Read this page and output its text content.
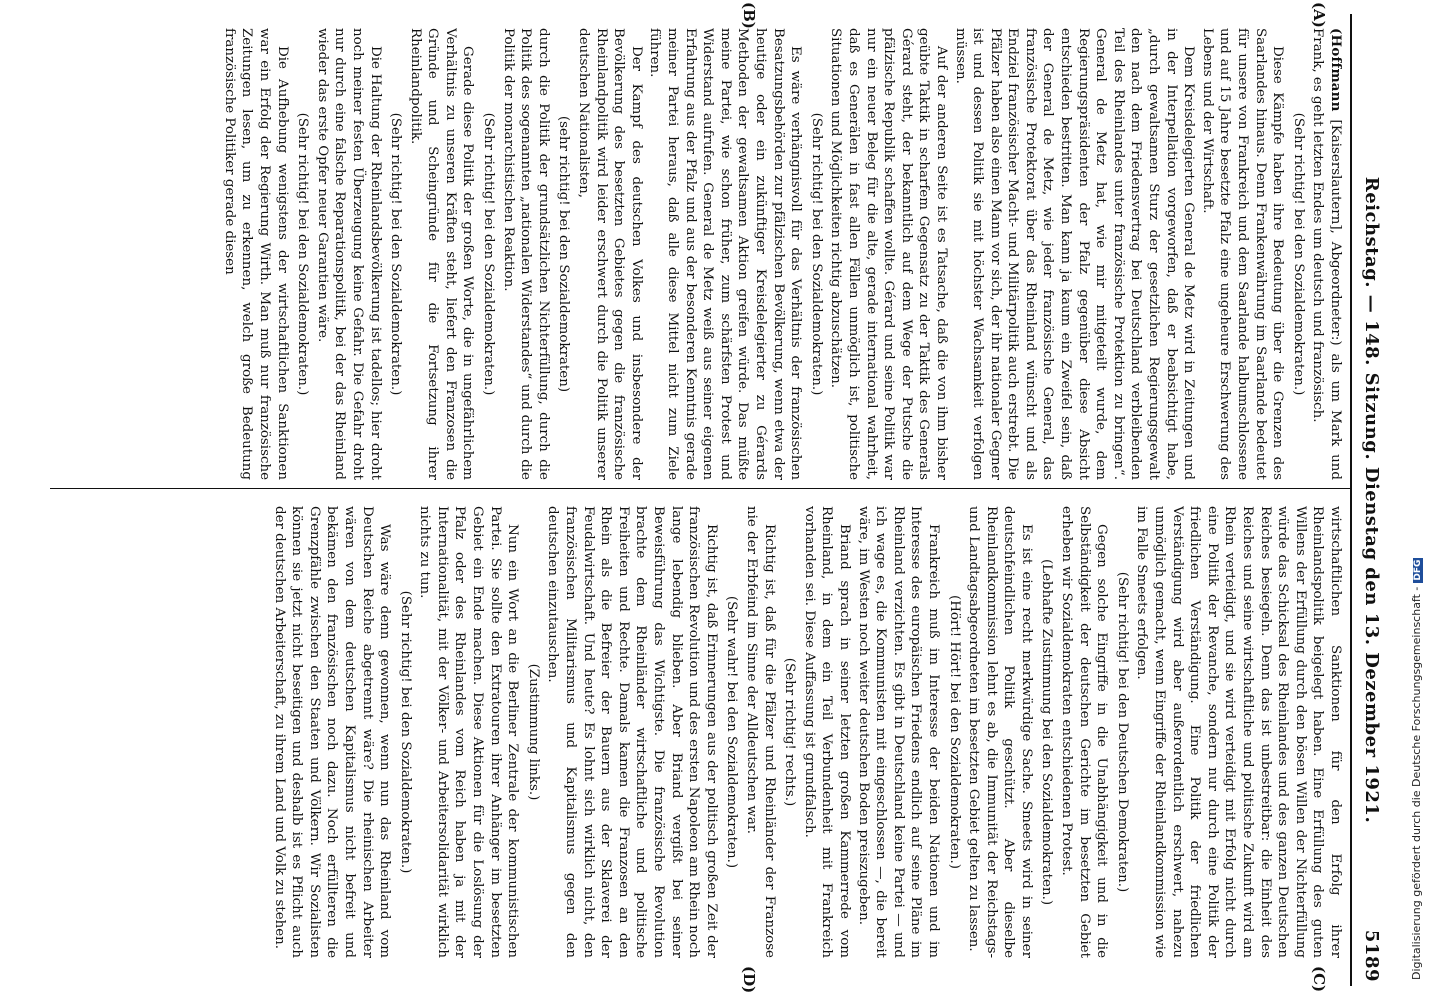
Reichstag. — 148. Sitzung. Dienstag den 13. Dezember 1921.
5189
(A)
(B)
(C)
(D)

(Hoffmann [Kaiserslautern], Abgeordneter:) als um Mark und Frank, es geht letzten Endes um deutsch und französisch.

(Sehr richtig! bei den Sozialdemokraten.)

Diese Kämpfe haben ihre Bedeutung über die Grenzen des Saarlandes hinaus. Denn Frankenwährung im Saarlande bedeutet für unsere von Frankreich und dem Saarlande halbumschlossene und auf 15 Jahre besetzte Pfalz eine ungeheure Erschwerung des Lebens und der Wirtschaft.

Dem Kreisdelegierten General de Metz wird in Zeitungen und in der Interpellation vorgeworfen, daß er beabsichtigt habe, „durch gewaltsamen Sturz der gesetzlichen Regierungsgewalt den nach dem Friedensvertrag bei Deutschland verbleibenden Teil des Rheinlandes unter französische Protektion zu bringen“. General de Metz hat, wie mir mitgeteilt wurde, dem Regierungspräsidenten der Pfalz gegenüber diese Absicht entschieden bestritten. Man kann ja kaum ein Zweifel sein, daß der General de Metz, wie jeder französische General, das französische Protektorat über das Rheinland wünscht und als Endziel französischer Macht- und Militärpolitik auch erstrebt. Die Pfälzer haben also einen Mann vor sich, der ihr nationaler Gegner ist und dessen Politik sie mit höchster Wachsamkeit verfolgen müssen.

Auf der anderen Seite ist es Tatsache, daß die von ihm bisher geübte Taktik in scharfem Gegensatz zu der Taktik des Generals Gérard steht, der bekanntlich auf dem Wege der Putsche die pfälzische Republik schaffen wollte. Gérard und seine Politik war nur ein neuer Beleg für die alte, gerade international wahrheit, daß es Generälen in fast allen Fällen unmöglich ist, politische Situationen und Möglichkeiten richtig abzuschätzen.

(Sehr richtig! bei den Sozialdemokraten.)

Es wäre verhängnisvoll für das Verhältnis der französischen Besatzungsbehörden zur pfälzischen Bevölkerung, wenn etwa der heutige oder ein zukünftiger Kreisdelegierter zu Gérards Methoden der gewaltsamen Aktion greifen würde. Das müßte meine Partei, wie schon früher, zum schärfsten Protest und Widerstand aufrufen. General de Metz weiß aus seiner eigenen Erfahrung aus der Pfalz und aus der besonderen Kenntnis gerade meiner Partei heraus, daß alle diese Mittel nicht zum Ziele führen.

Der Kampf des deutschen Volkes und insbesondere der Bevölkerung des besetzten Gebietes gegen die französische Rheinlandpolitik wird leider erschwert durch die Politik unserer deutschen Nationalisten,

(sehr richtig! bei den Sozialdemokraten)

durch die Politik der grundsätzlichen Nichterfüllung, durch die Politik des sogenannten „nationalen Widerstandes“ und durch die Politik der monarchistischen Reaktion.

(Sehr richtig! bei den Sozialdemokraten.)

Gerade diese Politik der großen Worte, die in ungefährlichem Verhältnis zu unseren Kräften steht, liefert den Franzosen die Gründe und Scheingründe für die Fortsetzung ihrer Rheinlandpolitik.

(Sehr richtig! bei den Sozialdemokraten.)

Die Haltung der Rheinlandsbevölkerung ist tadellos; hier droht noch meiner festen Überzeugung keine Gefahr. Die Gefahr droht nur durch eine falsche Reparationspolitik, bei der das Rheinland wieder das erste Opfer neuer Garantien wäre.

(Sehr richtig! bei den Sozialdemokraten.)

Die Aufhebung wenigstens der wirtschaftlichen Sanktionen war ein Erfolg der Regierung Wirth. Man muß nur französische Zeitungen lesen, um zu erkennen, welch große Bedeutung französische Politiker gerade diesen

wirtschaftlichen Sanktionen für den Erfolg ihrer Rheinlandspolitik beigelegt haben. Eine Erfüllung des guten Willens der Erfüllung durch den bösen Willen der Nichterfüllung würde das Schicksal des Rheinlandes und des ganzen Deutschen Reiches besiegeln. Denn das ist unbestreitbar: die Einheit des Reiches und seine wirtschaftliche und politische Zukunft wird am Rhein verteidigt, und sie wird verteidigt mit Erfolg nicht durch eine Politik der Revanche, sondern nur durch eine Politik der friedlichen Verständigung. Eine Politik der friedlichen Verständigung wird aber außerordentlich erschwert, nahezu unmöglich gemacht, wenn Eingriffe der Rheinlandkommission wie im Falle Smeets erfolgen.

(Sehr richtig! bei den Deutschen Demokraten.)

Gegen solche Eingriffe in die Unabhängigkeit und in die Selbständigkeit der deutschen Gerichte im besetzten Gebiet erheben wir Sozialdemokraten entschiedenen Protest.

(Lebhafte Zustimmung bei den Sozialdemokraten.)

Es ist eine recht merkwürdige Sache. Smeets wird in seiner deutschfeindlichen Politik geschützt. Aber dieselbe Rheinlandkommission lehnt es ab, die Immunität der Reichstags- und Landtagsabgeordneten im besetzten Gebiet gelten zu lassen.

(Hört! Hört! bei den Sozialdemokraten.)

Frankreich muß im Interesse der beiden Nationen und im Interesse des europäischen Friedens endlich auf seine Pläne im Rheinland verzichten. Es gibt in Deutschland keine Partei — und ich wage es, die Kommunisten mit eingeschlossen —, die bereit wäre, im Westen noch weiter deutschen Boden preiszugeben.

Briand sprach in seiner letzten großen Kammerrede vom Rheinland, in dem ein Teil Verbundenheit mit Frankreich vorhanden sei. Diese Auffassung ist grundfalsch.

(Sehr richtig! rechts.)

Richtig ist, daß für die Pfälzer und Rheinländer der Franzose nie der Erbfeind im Sinne der Alldeutschen war.

(Sehr wahr! bei den Sozialdemokraten.)

Richtig ist, daß Erinnerungen aus der politisch großen Zeit der französischen Revolution und des ersten Napoleon am Rhein noch lange lebendig blieben. Aber Briand vergißt bei seiner Beweisführung das Wichtigste. Die französische Revolution brachte dem Rheinländer wirtschaftliche und politische Freiheiten und Rechte. Damals kamen die Franzosen an den Rhein als die Befreier der Bauern aus der Sklaverei der Feudalwirtschaft. Und heute? Es lohnt sich wirklich nicht, den französischen Militarismus und Kapitalismus gegen den deutschen einzutauschen.

(Zustimmung links.)

Nun ein Wort an die Berliner Zentrale der kommunistischen Partei. Sie sollte den Extratouren ihrer Anhänger im besetzten Gebiet ein Ende machen. Diese Aktionen für die Loslösung der Pfalz oder des Rheinlandes vom Reich haben ja mit der Internationalität, mit der Völker- und Arbeitersolidarität wirklich nichts zu tun.

(Sehr richtig! bei den Sozialdemokraten.)

Was wäre denn gewonnen, wenn nun das Rheinland vom Deutschen Reiche abgetrennt wäre? Die rheinischen Arbeiter wären von dem deutschen Kapitalismus nicht befreit und bekämen den französischen noch dazu. Noch erfüllteren die Grenzpfähle zwischen den Staaten und Völkern. Wir Sozialisten können sie jetzt nicht beseitigen und deshalb ist es Pflicht auch der deutschen Arbeiterschaft, zu ihrem Land und Volk zu stehen.	Digitalisierung gefördert durch die Deutsche Forschungsgemeinschaft -DFG
